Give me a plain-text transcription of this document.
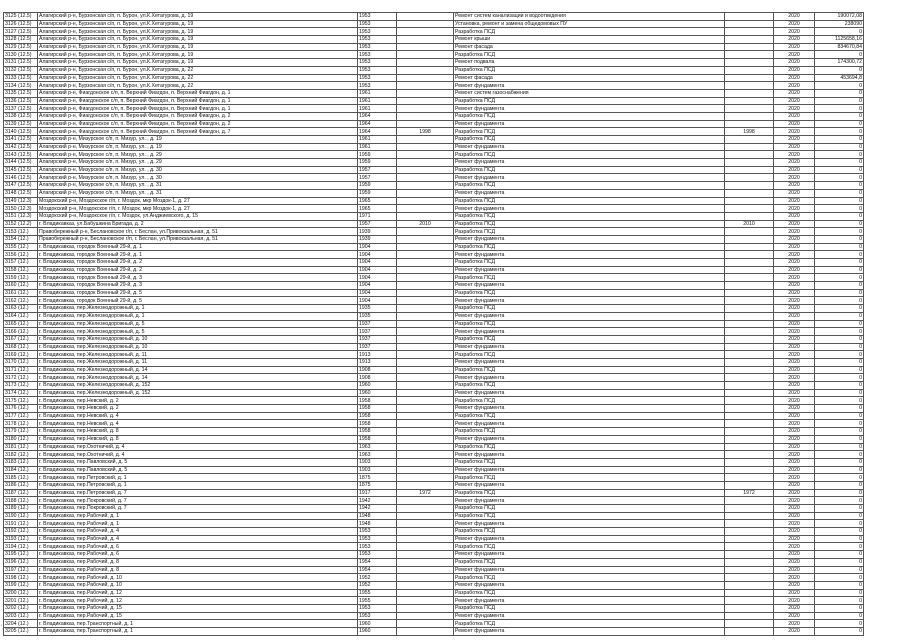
3125 (12.5)	Алагирский р-н, Бурзонская с/п, п. Бурон, ул.К.Хетагурова, д. 19	1953		Ремонт систем канализации и водоотведения		2020	190072,08
3126 (12.5)	Алагирский р-н, Бурзонская с/п, п. Бурон, ул.К.Хетагурова, д. 19	1953		Установка, ремонт и замена общедомовых ПУ		2020	238090
3127 (12.5)	Алагирский р-н, Бурзонская с/п, п. Бурон, ул.К.Хетагурова, д. 19	1953		Разработка ПСД		2020	0
3128 (12.5)	Алагирский р-н, Бурзонская с/п, п. Бурон, ул.К.Хетагурова, д. 19	1953		Ремонт крыши		2020	1125658,16
3129 (12.5)	Алагирский р-н, Бурзонская с/п, п. Бурон, ул.К.Хетагурова, д. 19	1953		Ремонт фасада		2020	834670,84
3130 (12.5)	Алагирский р-н, Бурзонская с/п, п. Бурон, ул.К.Хетагурова, д. 19	1953		Разработка ПСД		2020	0
3131 (12.5)	Алагирский р-н, Бурзонская с/п, п. Бурон, ул.К.Хетагурова, д. 19	1953		Ремонт подвала		2020	174300,72
3132 (12.5)	Алагирский р-н, Бурзонская с/п, п. Бурон, ул.К.Хетагурова, д. 22	1953		Разработка ПСД		2020	0
3133 (12.5)	Алагирский р-н, Бурзонская с/п, п. Бурон, ул.К.Хетагурова, д. 22	1953		Ремонт фасада		2020	453694,8
3134 (12.5)	Алагирский р-н, Бурзонская с/п, п. Бурон, ул.К.Хетагурова, д. 22	1953		Ремонт фундамента		2020	0
3135 (12.5)	Алагирский р-н, Фиагдонское с/п, п. Верхний Фиагдон, п. Верхний Фиагдон, д. 1	1961		Ремонт систем газоснабжения		2020	0
3136 (12.5)	Алагирский р-н, Фиагдонское с/п, п. Верхний Фиагдон, п. Верхний Фиагдон, д. 1	1961		Разработка ПСД		2020	0
3137 (12.5)	Алагирский р-н, Фиагдонское с/п, п. Верхний Фиагдон, п. Верхний Фиагдон, д. 1	1961		Ремонт фундамента		2020	0
3138 (12.5)	Алагирский р-н, Фиагдонское с/п, п. Верхний Фиагдон, п. Верхний Фиагдон, д. 2	1964		Разработка ПСД		2020	0
3139 (12.5)	Алагирский р-н, Фиагдонское с/п, п. Верхний Фиагдон, п. Верхний Фиагдон, д. 2	1964		Ремонт фундамента		2020	0
3140 (12.5)	Алагирский р-н, Фиагдонское с/п, п. Верхний Фиагдон, п. Верхний Фиагдон, д. 7	1964	1998	Разработка ПСД	1998	2020	0
3141 (12.5)	Алагирский р-н, Мизурское с/п, п. Мизур, ул. , д. 19	1961		Разработка ПСД		2020	0
3142 (12.5)	Алагирский р-н, Мизурское с/п, п. Мизур, ул. , д. 19	1961		Ремонт фундамента		2020	0
3143 (12.5)	Алагирский р-н, Мизурское с/п, п. Мизур, ул. , д. 29	1959		Разработка ПСД		2020	0
3144 (12.5)	Алагирский р-н, Мизурское с/п, п. Мизур, ул. , д. 29	1959		Ремонт фундамента		2020	0
3145 (12.5)	Алагирский р-н, Мизурское с/п, п. Мизур, ул. , д. 30	1957		Разработка ПСД		2020	0
3146 (12.5)	Алагирский р-н, Мизурское с/п, п. Мизур, ул. , д. 30	1957		Ремонт фундамента		2020	0
3147 (12.5)	Алагирский р-н, Мизурское с/п, п. Мизур, ул. , д. 31	1959		Разработка ПСД		2020	0
3148 (12.5)	Алагирский р-н, Мизурское с/п, п. Мизур, ул. , д. 31	1959		Ремонт фундамента		2020	0
3149 (12.3)	Моздокский р-н, Моздокское г/п, г. Моздок, мкр Моздок-1, д. 27	1965		Разработка ПСД		2020	0
3150 (12.3)	Моздокский р-н, Моздокское г/п, г. Моздок, мкр Моздок-1, д. 27	1965		Ремонт фундамента		2020	0
3151 (12.3)	Моздокский р-н, Моздокское г/п, г. Моздок, ул.Анджиевского, д. 15	1971		Разработка ПСД		2020	0
3152 (12.2)	г. Владикавказ, ул.Бабушкина Бригада, д. 2	1957	2010	Разработка ПСД	2010	2020	0
3153 (12.)	Правобережный р-н, Беслановское г/п, г. Беслан, ул.Привокзальная, д. 51	1939		Разработка ПСД		2020	0
3154 (12.)	Правобережный р-н, Беслановское г/п, г. Беслан, ул.Привокзальная, д. 51	1939		Ремонт фундамента		2020	0
3155 (12.)	г. Владикавказ, городок Военный 29-й, д. 1	1904		Разработка ПСД		2020	0
3156 (12.)	г. Владикавказ, городок Военный 29-й, д. 1	1904		Ремонт фундамента		2020	0
3157 (12.)	г. Владикавказ, городок Военный 29-й, д. 2	1904		Разработка ПСД		2020	0
3158 (12.)	г. Владикавказ, городок Военный 29-й, д. 2	1904		Ремонт фундамента		2020	0
3159 (12.)	г. Владикавказ, городок Военный 29-й, д. 3	1904		Разработка ПСД		2020	0
3160 (12.)	г. Владикавказ, городок Военный 29-й, д. 3	1904		Ремонт фундамента		2020	0
3161 (12.)	г. Владикавказ, городок Военный 29-й, д. 5	1904		Разработка ПСД		2020	0
3162 (12.)	г. Владикавказ, городок Военный 29-й, д. 5	1904		Ремонт фундамента		2020	0
3163 (12.)	г. Владикавказ, пер.Железнодорожный, д. 1	1935		Разработка ПСД		2020	0
3164 (12.)	г. Владикавказ, пер.Железнодорожный, д. 1	1935		Ремонт фундамента		2020	0
3165 (12.)	г. Владикавказ, пер.Железнодорожный, д. 5	1937		Разработка ПСД		2020	0
3166 (12.)	г. Владикавказ, пер.Железнодорожный, д. 5	1937		Ремонт фундамента		2020	0
3167 (12.)	г. Владикавказ, пер.Железнодорожный, д. 10	1937		Разработка ПСД		2020	0
3168 (12.)	г. Владикавказ, пер.Железнодорожный, д. 10	1937		Ремонт фундамента		2020	0
3169 (12.)	г. Владикавказ, пер.Железнодорожный, д. 11	1913		Разработка ПСД		2020	0
3170 (12.)	г. Владикавказ, пер.Железнодорожный, д. 11	1913		Ремонт фундамента		2020	0
3171 (12.)	г. Владикавказ, пер.Железнодорожный, д. 14	1908		Разработка ПСД		2020	0
3172 (12.)	г. Владикавказ, пер.Железнодорожный, д. 14	1908		Ремонт фундамента		2020	0
3173 (12.)	г. Владикавказ, пер.Железнодорожный, д. 152	1960		Разработка ПСД		2020	0
3174 (12.)	г. Владикавказ, пер.Железнодорожный, д. 152	1960		Ремонт фундамента		2020	0
3175 (12.)	г. Владикавказ, пер.Невский, д. 2	1958		Разработка ПСД		2020	0
3176 (12.)	г. Владикавказ, пер.Невский, д. 2	1958		Ремонт фундамента		2020	0
3177 (12.)	г. Владикавказ, пер.Невский, д. 4	1958		Разработка ПСД		2020	0
3178 (12.)	г. Владикавказ, пер.Невский, д. 4	1958		Ремонт фундамента		2020	0
3179 (12.)	г. Владикавказ, пер.Невский, д. 8	1958		Разработка ПСД		2020	0
3180 (12.)	г. Владикавказ, пер.Невский, д. 8	1958		Ремонт фундамента		2020	0
3181 (12.)	г. Владикавказ, пер.Охотничий, д. 4	1963		Разработка ПСД		2020	0
3182 (12.)	г. Владикавказ, пер.Охотничий, д. 4	1963		Ремонт фундамента		2020	0
3183 (12.)	г. Владикавказ, пер.Павловский, д. 5	1903		Разработка ПСД		2020	0
3184 (12.)	г. Владикавказ, пер.Павловский, д. 5	1903		Ремонт фундамента		2020	0
3185 (12.)	г. Владикавказ, пер.Петровский, д. 1	1875		Разработка ПСД		2020	0
3186 (12.)	г. Владикавказ, пер.Петровский, д. 1	1875		Ремонт фундамента		2020	0
3187 (12.)	г. Владикавказ, пер.Петровский, д. 7	1917	1972	Разработка ПСД	1972	2020	0
3188 (12.)	г. Владикавказ, пер.Покровский, д. 7	1942		Ремонт фундамента		2020	0
3189 (12.)	г. Владикавказ, пер.Покровский, д. 7	1942		Разработка ПСД		2020	0
3190 (12.)	г. Владикавказ, пер.Рабочий, д. 1	1948		Разработка ПСД		2020	0
3191 (12.)	г. Владикавказ, пер.Рабочий, д. 1	1948		Ремонт фундамента		2020	0
3192 (12.)	г. Владикавказ, пер.Рабочий, д. 4	1953		Разработка ПСД		2020	0
3193 (12.)	г. Владикавказ, пер.Рабочий, д. 4	1953		Ремонт фундамента		2020	0
3194 (12.)	г. Владикавказ, пер.Рабочий, д. 6	1953		Разработка ПСД		2020	0
3195 (12.)	г. Владикавказ, пер.Рабочий, д. 6	1953		Ремонт фундамента		2020	0
3196 (12.)	г. Владикавказ, пер.Рабочий, д. 8	1954		Разработка ПСД		2020	0
3197 (12.)	г. Владикавказ, пер.Рабочий, д. 8	1954		Ремонт фундамента		2020	0
3198 (12.)	г. Владикавказ, пер.Рабочий, д. 10	1952		Разработка ПСД		2020	0
3199 (12.)	г. Владикавказ, пер.Рабочий, д. 10	1952		Ремонт фундамента		2020	0
3200 (12.)	г. Владикавказ, пер.Рабочий, д. 12	1955		Разработка ПСД		2020	0
3201 (12.)	г. Владикавказ, пер.Рабочий, д. 12	1955		Ремонт фундамента		2020	0
3202 (12.)	г. Владикавказ, пер.Рабочий, д. 15	1953		Разработка ПСД		2020	0
3203 (12.)	г. Владикавказ, пер.Рабочий, д. 15	1953		Ремонт фундамента		2020	0
3204 (12.)	г. Владикавказ, пер.Транспортный, д. 1	1960		Разработка ПСД		2020	0
3205 (12.)	г. Владикавказ, пер.Транспортный, д. 1	1960		Ремонт фундамента		2020	0
',
